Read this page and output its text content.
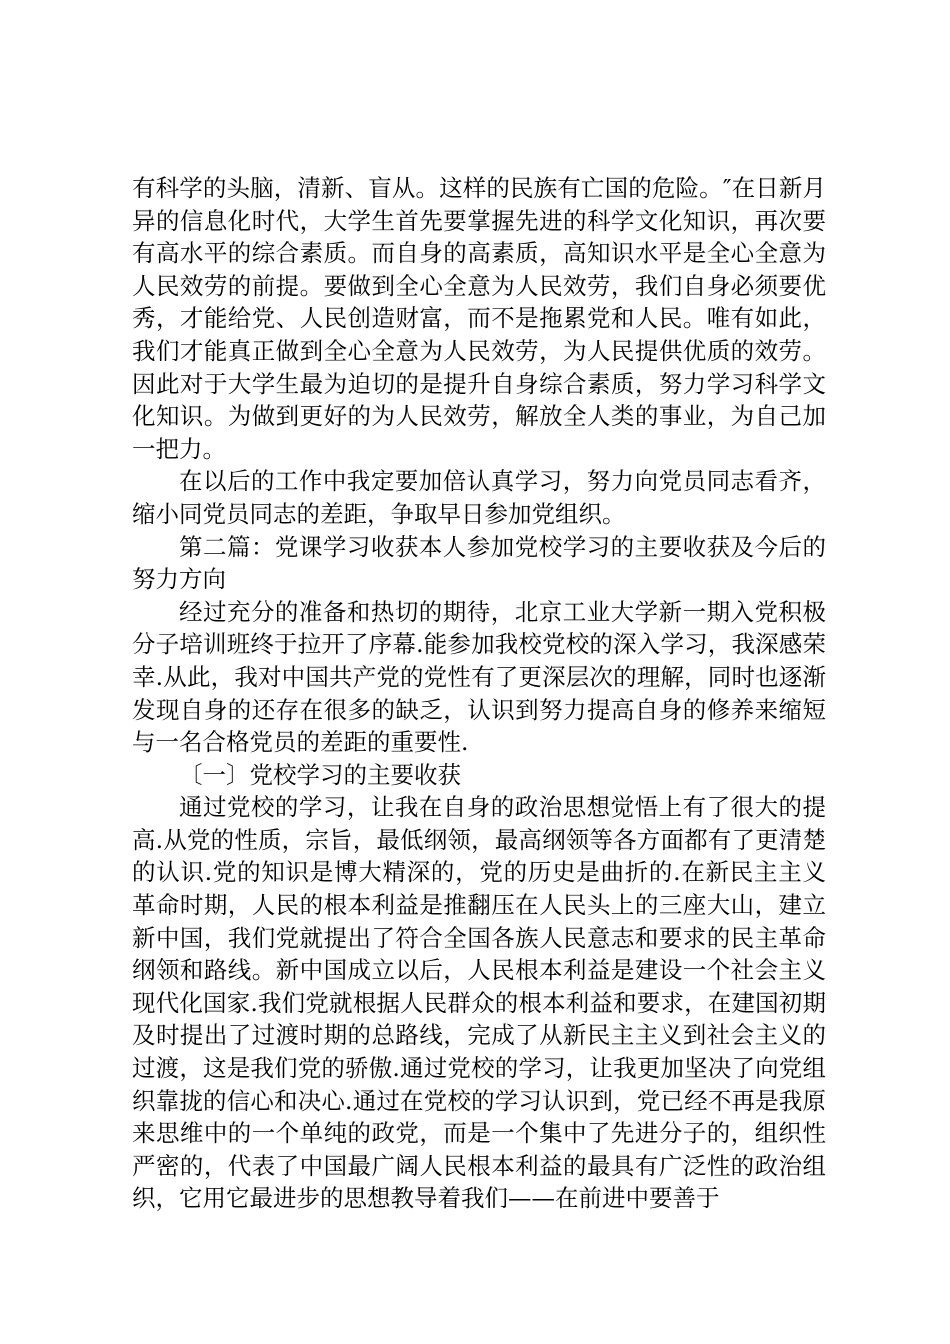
有科学的头脑，清新、盲从。这样的民族有亡国的危险。″在日新月异的信息化时代，大学生首先要掌握先进的科学文化知识，再次要有高水平的综合素质。而自身的高素质，高知识水平是全心全意为人民效劳的前提。要做到全心全意为人民效劳，我们自身必须要优秀，才能给党、人民创造财富，而不是拖累党和人民。唯有如此，我们才能真正做到全心全意为人民效劳，为人民提供优质的效劳。因此对于大学生最为迫切的是提升自身综合素质，努力学习科学文化知识。为做到更好的为人民效劳，解放全人类的事业，为自己加一把力。

在以后的工作中我定要加倍认真学习，努力向党员同志看齐，缩小同党员同志的差距，争取早日参加党组织。

第二篇：党课学习收获本人参加党校学习的主要收获及今后的努力方向

经过充分的准备和热切的期待，北京工业大学新一期入党积极分子培训班终于拉开了序幕.能参加我校党校的深入学习，我深感荣幸.从此，我对中国共产党的党性有了更深层次的理解，同时也逐渐发现自身的还存在很多的缺乏，认识到努力提高自身的修养来缩短与一名合格党员的差距的重要性.

〔一〕党校学习的主要收获

通过党校的学习，让我在自身的政治思想觉悟上有了很大的提高.从党的性质，宗旨，最低纲领，最高纲领等各方面都有了更清楚的认识.党的知识是博大精深的，党的历史是曲折的.在新民主主义革命时期，人民的根本利益是推翻压在人民头上的三座大山，建立新中国，我们党就提出了符合全国各族人民意志和要求的民主革命纲领和路线。新中国成立以后，人民根本利益是建设一个社会主义现代化国家.我们党就根据人民群众的根本利益和要求，在建国初期及时提出了过渡时期的总路线，完成了从新民主主义到社会主义的过渡，这是我们党的骄傲.通过党校的学习，让我更加坚决了向党组织靠拢的信心和决心.通过在党校的学习认识到，党已经不再是我原来思维中的一个单纯的政党，而是一个集中了先进分子的，组织性严密的，代表了中国最广阔人民根本利益的最具有广泛性的政治组织，它用它最进步的思想教导着我们——在前进中要善于
